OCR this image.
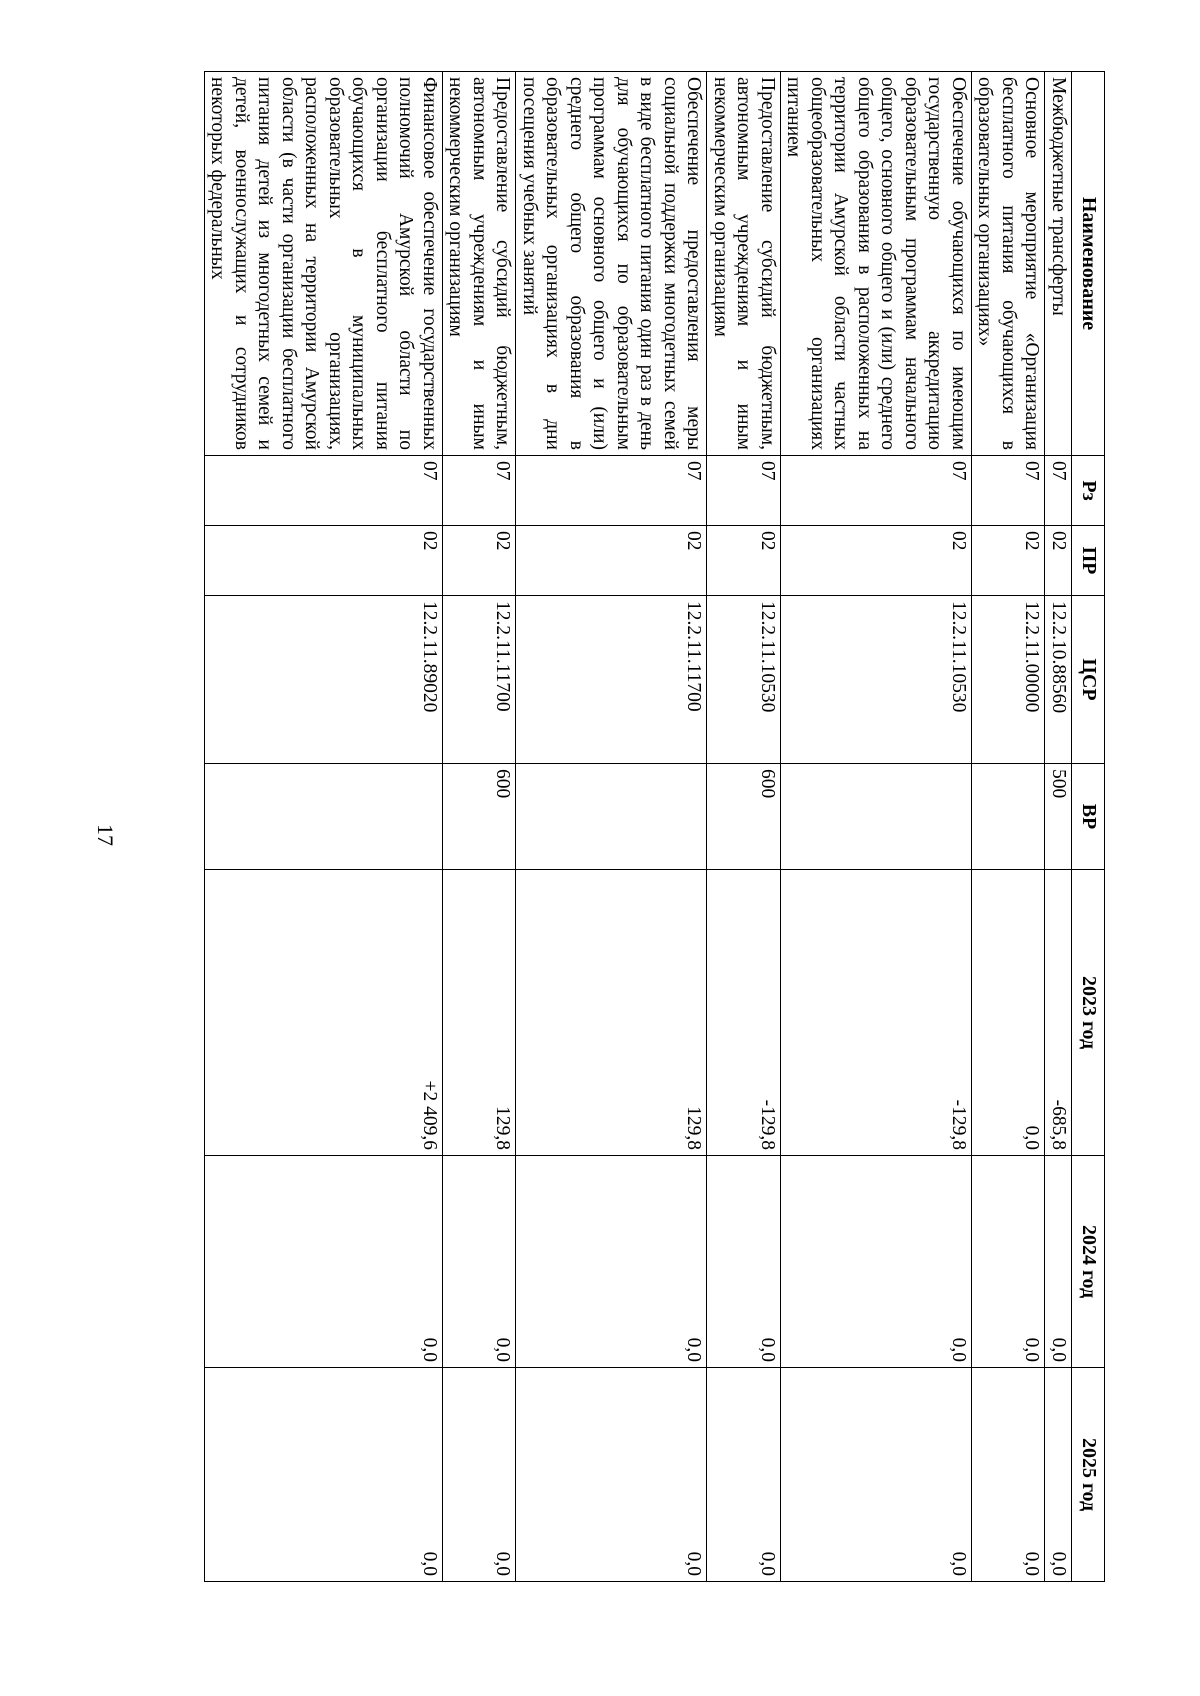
17
Наименование	Рз	ПР	ЦСР	ВР	2023 год	2024 год	2025 год
Межбюджетные трансферты	07	02	12.2.10.88560	500	-685,8	0,0	0,0
Основное мероприятие «Организация бесплатного питания обучающихся в образовательных организациях»	07	02	12.2.11.00000		0,0	0,0	0,0
Обеспечение обучающихся по имеющим государственную аккредитацию образовательным программам начального общего, основного общего и (или) среднего общего образования в расположенных на территории Амурской области частных общеобразовательных организациях питанием	07	02	12.2.11.10530		-129,8	0,0	0,0
Предоставление субсидий бюджетным, автономным учреждениям и иным некоммерческим организациям	07	02	12.2.11.10530	600	-129,8	0,0	0,0
Обеспечение предоставления меры социальной поддержки многодетных семей в виде бесплатного питания один раз в день для обучающихся по образовательным программам основного общего и (или) среднего общего образования в образовательных организациях в дни посещения учебных занятий	07	02	12.2.11.11700		129,8	0,0	0,0
Предоставление субсидий бюджетным, автономным учреждениям и иным некоммерческим организациям	07	02	12.2.11.11700	600	129,8	0,0	0,0
Финансовое обеспечение государственных полномочий Амурской области по организации бесплатного питания обучающихся в муниципальных образовательных организациях, расположенных на территории Амурской области (в части организации бесплатного питания детей из многодетных семей и детей, военнослужащих и сотрудников некоторых федеральных	07	02	12.2.11.89020		+2 409,6	0,0	0,0
